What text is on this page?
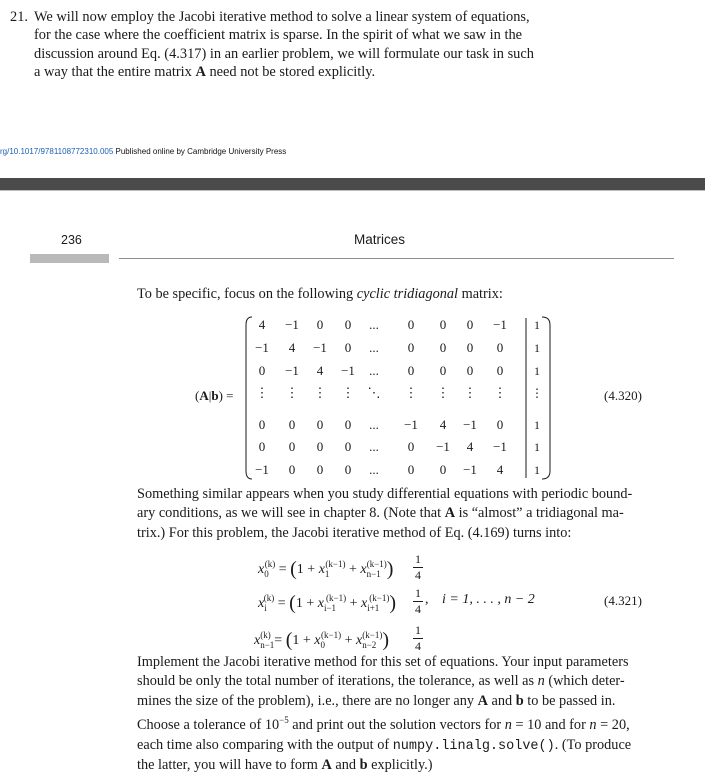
21. We will now employ the Jacobi iterative method to solve a linear system of equations,
for the case where the coefficient matrix is sparse. In the spirit of what we saw in the
discussion around Eq. (4.317) in an earlier problem, we will formulate our task in such
a way that the entire matrix A need not be stored explicitly.
rg/10.1017/9781108772310.005 Published online by Cambridge University Press
236	Matrices
To be specific, focus on the following cyclic tridiagonal matrix:
(A|b) =
4	−1	0	0	...	0	0	0	−1	1
−1	4	−1	0	...	0	0	0	0	1
0	−1	4	−1	...	0	0	0	0	1
⋮	⋮	⋮	⋮	⋱	⋮	⋮	⋮	⋮	⋮
0	0	0	0	...	−1	4	−1	0	1
0	0	0	0	...	0	−1	4	−1	1
−1	0	0	0	...	0	0	−1	4	1
(4.320)
Something similar appears when you study differential equations with periodic bound-
ary conditions, as we will see in chapter 8. (Note that A is “almost” a tridiagonal ma-
trix.) For this problem, the Jacobi iterative method of Eq. (4.169) turns into:
$x_0^{(k)} = (1 + x_1^{(k-1)} + x_{n-1}^{(k-1)})$ 1
4
$x_i^{(k)} = (1 + x_{i-1}^{(k-1)} + x_{i+1}^{(k-1)})$ 1
4
, i = 1, . . . , n − 2
$x_{n-1}^{(k)} = (1 + x_0^{(k-1)} + x_{n-2}^{(k-1)})$ 1
4
(4.321)
Implement the Jacobi iterative method for this set of equations. Your input parameters
should be only the total number of iterations, the tolerance, as well as n (which deter-
mines the size of the problem), i.e., there are no longer any A and b to be passed in.
Choose a tolerance of $10^{-5}$ and print out the solution vectors for n = 10 and for n = 20,
each time also comparing with the output of numpy.linalg.solve(). (To produce
the latter, you will have to form A and b explicitly.)
